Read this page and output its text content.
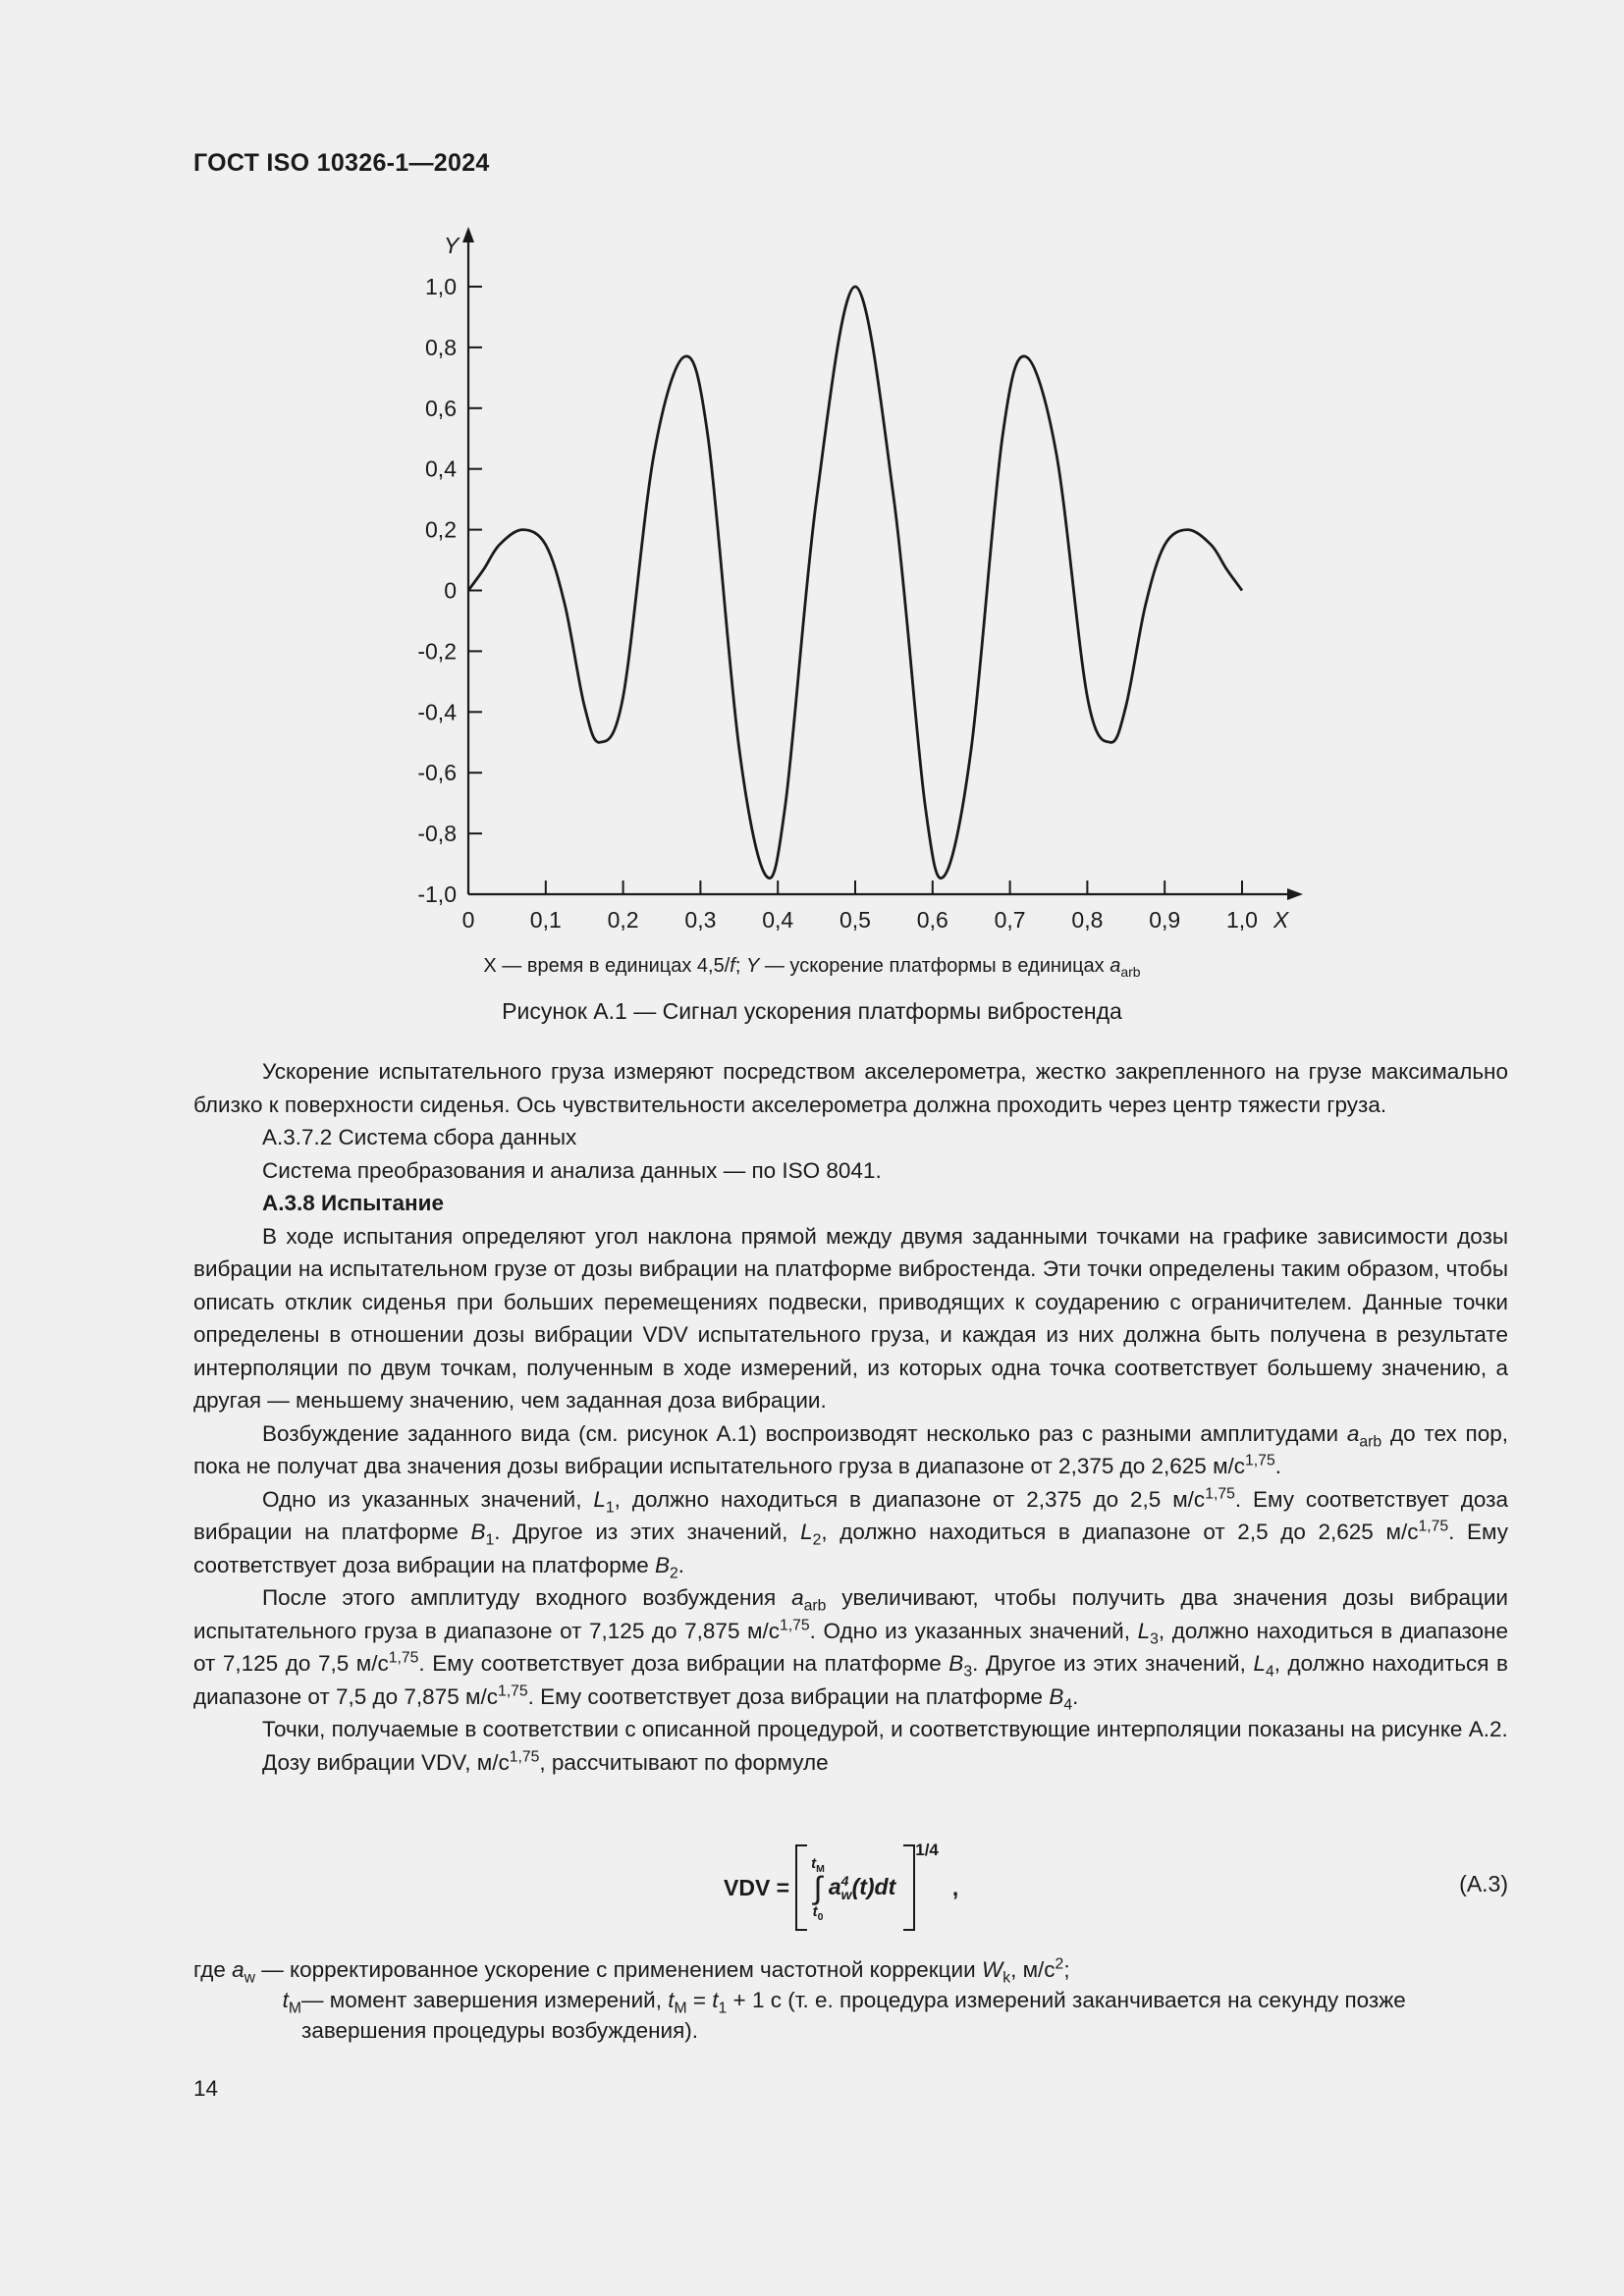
ГОСТ ISO 10326-1—2024
X
Y
0 0,1 0,2 0,3 0,4 0,5 0,6 0,7 0,8 0,9 1,0
1,0
0,8
0,6
0,4
0,2
0
-0,2
-0,4
-0,6
-0,8
-1,0
X — время в единицах 4,5/f; Y — ускорение платформы в единицах $a_{arb}$
Рисунок А.1 — Сигнал ускорения платформы вибростенда

Ускорение испытательного груза измеряют посредством акселерометра, жестко закрепленного на грузе максимально близко к поверхности сиденья. Ось чувствительности акселерометра должна проходить через центр тяжести груза.

А.3.7.2 Система сбора данных

Система преобразования и анализа данных — по ISO 8041.

А.3.8 Испытание

В ходе испытания определяют угол наклона прямой между двумя заданными точками на графике зависимости дозы вибрации на испытательном грузе от дозы вибрации на платформе вибростенда. Эти точки определены таким образом, чтобы описать отклик сиденья при больших перемещениях подвески, приводящих к соударению с ограничителем. Данные точки определены в отношении дозы вибрации VDV испытательного груза, и каждая из них должна быть получена в результате интерполяции по двум точкам, полученным в ходе измерений, из которых одна точка соответствует большему значению, а другая — меньшему значению, чем заданная доза вибрации.

Возбуждение заданного вида (см. рисунок А.1) воспроизводят несколько раз с разными амплитудами $a_{arb}$ до тех пор, пока не получат два значения дозы вибрации испытательного груза в диапазоне от 2,375 до 2,625 $м/с^{1,75}$.

Одно из указанных значений, $L_1$, должно находиться в диапазоне от 2,375 до 2,5 $м/с^{1,75}$. Ему соответствует доза вибрации на платформе $B_1$. Другое из этих значений, $L_2$, должно находиться в диапазоне от 2,5 до 2,625 $м/с^{1,75}$. Ему соответствует доза вибрации на платформе $B_2$.

После этого амплитуду входного возбуждения $a_{arb}$ увеличивают, чтобы получить два значения дозы вибрации испытательного груза в диапазоне от 7,125 до 7,875 $м/с^{1,75}$. Одно из указанных значений, $L_3$, должно находиться в диапазоне от 7,125 до 7,5 $м/с^{1,75}$. Ему соответствует доза вибрации на платформе $B_3$. Другое из этих значений, $L_4$, должно находиться в диапазоне от 7,5 до 7,875 $м/с^{1,75}$. Ему соответствует доза вибрации на платформе $B_4$.

Точки, получаемые в соответствии с описанной процедурой, и соответствующие интерполяции показаны на рисунке А.2.

Дозу вибрации VDV, $м/с^{1,75}$, рассчитывают по формуле

VDV =
$t_M$
∫
$t_0$
a 4
w (t)dt
1/4
,	(А.3)
где $a_w$ — корректированное ускорение с применением частотной коррекции $W_k$, $м/с^2$;
$t_M$ — момент завершения измерений, $t_M = t_1 + 1$ с (т. е. процедура измерений заканчивается на секунду позже завершения процедуры возбуждения).
14
